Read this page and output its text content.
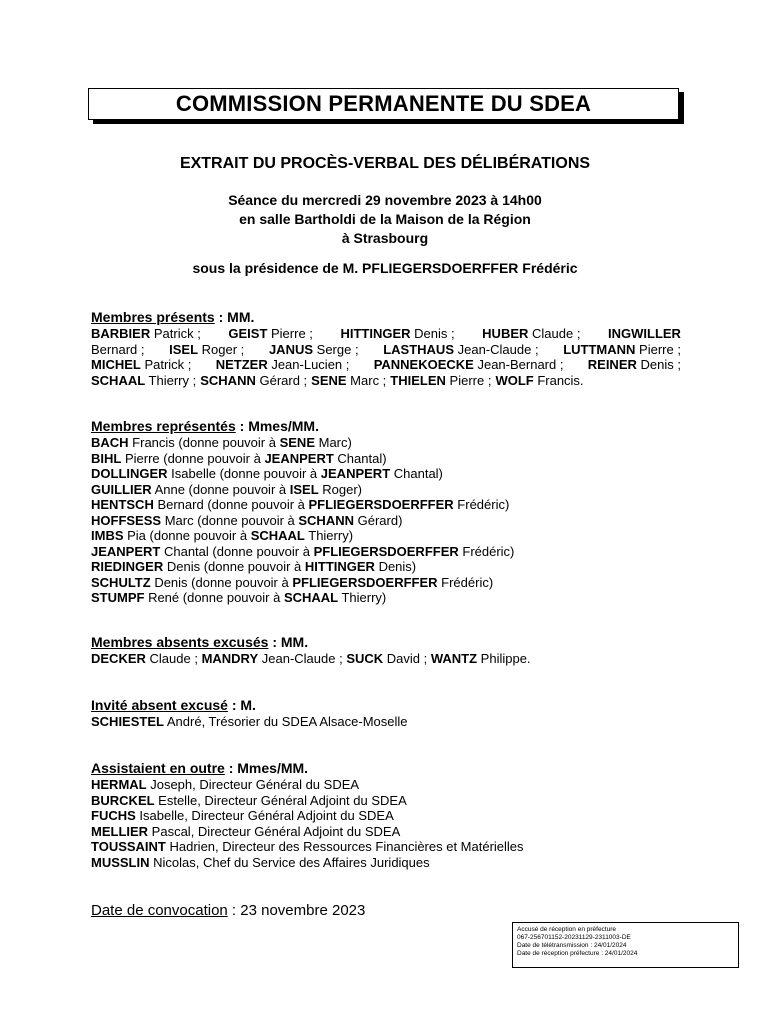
COMMISSION PERMANENTE DU SDEA
EXTRAIT DU PROCÈS-VERBAL DES DÉLIBÉRATIONS
Séance du mercredi 29 novembre 2023 à 14h00
en salle Bartholdi de la Maison de la Région
à Strasbourg
sous la présidence de M. PFLIEGERSDOERFFER Frédéric
Membres présents : MM.
BARBIER Patrick ; GEIST Pierre ; HITTINGER Denis ; HUBER Claude ; INGWILLER
Bernard ; ISEL Roger ; JANUS Serge ; LASTHAUS Jean-Claude ; LUTTMANN Pierre ;
MICHEL Patrick ; NETZER Jean-Lucien ; PANNEKOECKE Jean-Bernard ; REINER Denis ;
SCHAAL Thierry ; SCHANN Gérard ; SENE Marc ; THIELEN Pierre ; WOLF Francis.
Membres représentés : Mmes/MM.
BACH Francis (donne pouvoir à SENE Marc)
BIHL Pierre (donne pouvoir à JEANPERT Chantal)
DOLLINGER Isabelle (donne pouvoir à JEANPERT Chantal)
GUILLIER Anne (donne pouvoir à ISEL Roger)
HENTSCH Bernard (donne pouvoir à PFLIEGERSDOERFFER Frédéric)
HOFFSESS Marc (donne pouvoir à SCHANN Gérard)
IMBS Pia (donne pouvoir à SCHAAL Thierry)
JEANPERT Chantal (donne pouvoir à PFLIEGERSDOERFFER Frédéric)
RIEDINGER Denis (donne pouvoir à HITTINGER Denis)
SCHULTZ Denis (donne pouvoir à PFLIEGERSDOERFFER Frédéric)
STUMPF René (donne pouvoir à SCHAAL Thierry)
Membres absents excusés : MM.
DECKER Claude ; MANDRY Jean-Claude ; SUCK David ; WANTZ Philippe.
Invité absent excusé : M.
SCHIESTEL André, Trésorier du SDEA Alsace-Moselle
Assistaient en outre : Mmes/MM.
HERMAL Joseph, Directeur Général du SDEA
BURCKEL Estelle, Directeur Général Adjoint du SDEA
FUCHS Isabelle, Directeur Général Adjoint du SDEA
MELLIER Pascal, Directeur Général Adjoint du SDEA
TOUSSAINT Hadrien, Directeur des Ressources Financières et Matérielles
MUSSLIN Nicolas, Chef du Service des Affaires Juridiques
Date de convocation : 23 novembre 2023
Accusé de réception en préfecture
067-256701152-20231129-2311003-DE
Date de télétransmission : 24/01/2024
Date de réception préfecture : 24/01/2024
